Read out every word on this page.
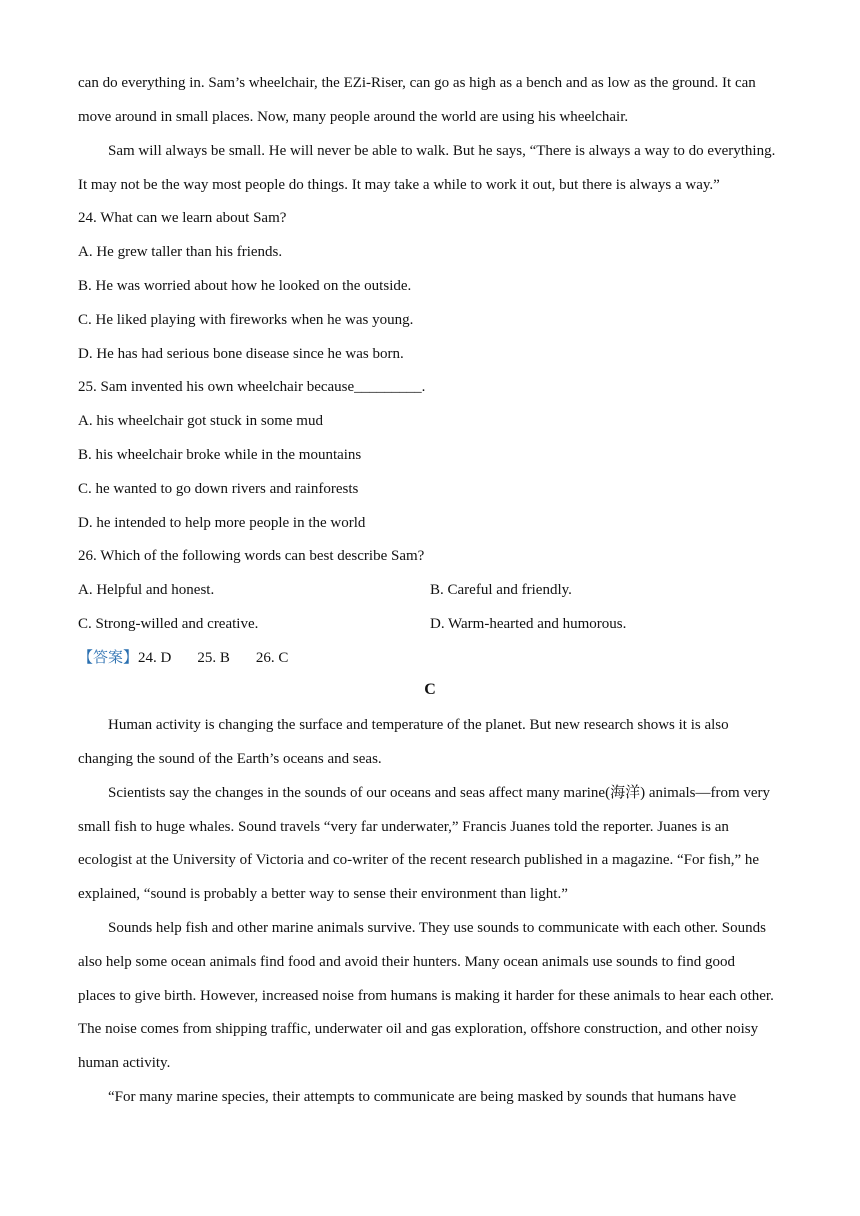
can do everything in. Sam’s wheelchair, the EZi-Riser, can go as high as a bench and as low as the ground. It can
move around in small places. Now, many people around the world are using his wheelchair.
Sam will always be small. He will never be able to walk. But he says, “There is always a way to do everything.
It may not be the way most people do things. It may take a while to work it out, but there is always a way.”
24. What can we learn about Sam?
A. He grew taller than his friends.
B. He was worried about how he looked on the outside.
C. He liked playing with fireworks when he was young.
D. He has had serious bone disease since he was born.
25. Sam invented his own wheelchair because_________.
A. his wheelchair got stuck in some mud
B. his wheelchair broke while in the mountains
C. he wanted to go down rivers and rainforests
D. he intended to help more people in the world
26. Which of the following words can best describe Sam?
A. Helpful and honest.	B. Careful and friendly.
C. Strong-willed and creative.	D. Warm-hearted and humorous.
【答案】24. D 25. B 26. C
C
Human activity is changing the surface and temperature of the planet. But new research shows it is also
changing the sound of the Earth’s oceans and seas.
Scientists say the changes in the sounds of our oceans and seas affect many marine(海洋) animals—from very
small fish to huge whales. Sound travels “very far underwater,” Francis Juanes told the reporter. Juanes is an
ecologist at the University of Victoria and co-writer of the recent research published in a magazine. “For fish,” he
explained, “sound is probably a better way to sense their environment than light.”
Sounds help fish and other marine animals survive. They use sounds to communicate with each other. Sounds
also help some ocean animals find food and avoid their hunters. Many ocean animals use sounds to find good
places to give birth. However, increased noise from humans is making it harder for these animals to hear each other.
The noise comes from shipping traffic, underwater oil and gas exploration, offshore construction, and other noisy
human activity.
“For many marine species, their attempts to communicate are being masked by sounds that humans have
